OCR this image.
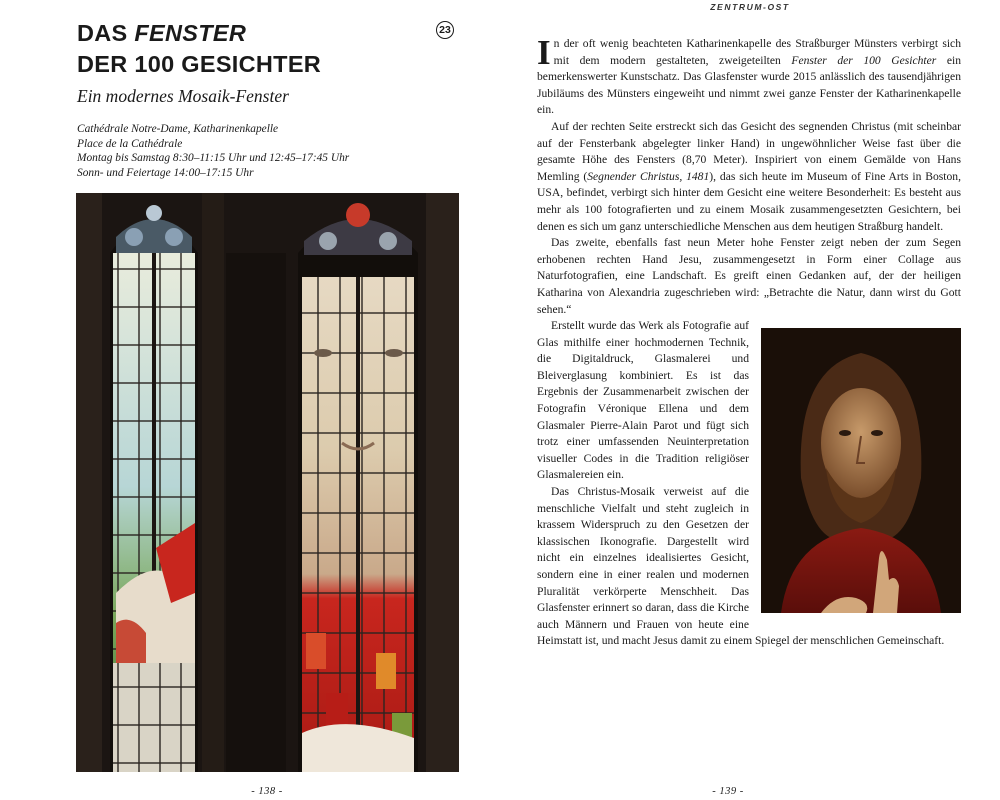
DAS FENSTER
DER 100 GESICHTER
23
Ein modernes Mosaik-Fenster
Cathédrale Notre-Dame, Katharinenkapelle
Place de la Cathédrale
Montag bis Samstag 8:30–11:15 Uhr und 12:45–17:45 Uhr
Sonn- und Feiertage 14:00–17:15 Uhr
- 138 -
ZENTRUM-OST

In der oft wenig beachteten Katharinenkapelle des Straßburger Münsters verbirgt sich mit dem modern gestalteten, zweigeteilten Fenster der 100 Gesichter ein bemerkenswerter Kunstschatz. Das Glasfenster wurde 2015 anlässlich des tausendjährigen Jubiläums des Münsters eingeweiht und nimmt zwei ganze Fenster der Katharinenkapelle ein.

Auf der rechten Seite erstreckt sich das Gesicht des segnenden Christus (mit scheinbar auf der Fensterbank abgelegter linker Hand) in ungewöhnlicher Weise fast über die gesamte Höhe des Fensters (8,70 Meter). Inspiriert von einem Gemälde von Hans Memling (Segnender Christus, 1481), das sich heute im Museum of Fine Arts in Boston, USA, befindet, verbirgt sich hinter dem Gesicht eine weitere Besonderheit: Es besteht aus mehr als 100 fotografierten und zu einem Mosaik zusammengesetzten Gesichtern, bei denen es sich um ganz unterschiedliche Menschen aus dem heutigen Straßburg handelt.

Das zweite, ebenfalls fast neun Meter hohe Fenster zeigt neben der zum Segen erhobenen rechten Hand Jesu, zusammengesetzt in Form einer Collage aus Naturfotografien, eine Landschaft. Es greift einen Gedanken auf, der der heiligen Katharina von Alexandria zugeschrieben wird: „Betrachte die Natur, dann wirst du Gott sehen.“

Erstellt wurde das Werk als Fotografie auf Glas mithilfe einer hochmodernen Technik, die Digitaldruck, Glasmalerei und Bleiverglasung kombiniert. Es ist das Ergebnis der Zusammenarbeit zwischen der Fotografin Véronique Ellena und dem Glasmaler Pierre-Alain Parot und fügt sich trotz einer umfassenden Neuinterpretation visueller Codes in die Tradition religiöser Glasmalereien ein.

Das Christus-Mosaik verweist auf die menschliche Vielfalt und steht zugleich in krassem Widerspruch zu den Gesetzen der klassischen Ikonografie. Dargestellt wird nicht ein einzelnes idealisiertes Gesicht, sondern eine in einer realen und modernen Pluralität verkörperte Menschheit. Das Glasfenster erinnert so daran, dass die Kirche auch Männern und Frauen von heute eine Heimstatt ist, und macht Jesus damit zu einem Spiegel der menschlichen Gemeinschaft.

- 139 -
